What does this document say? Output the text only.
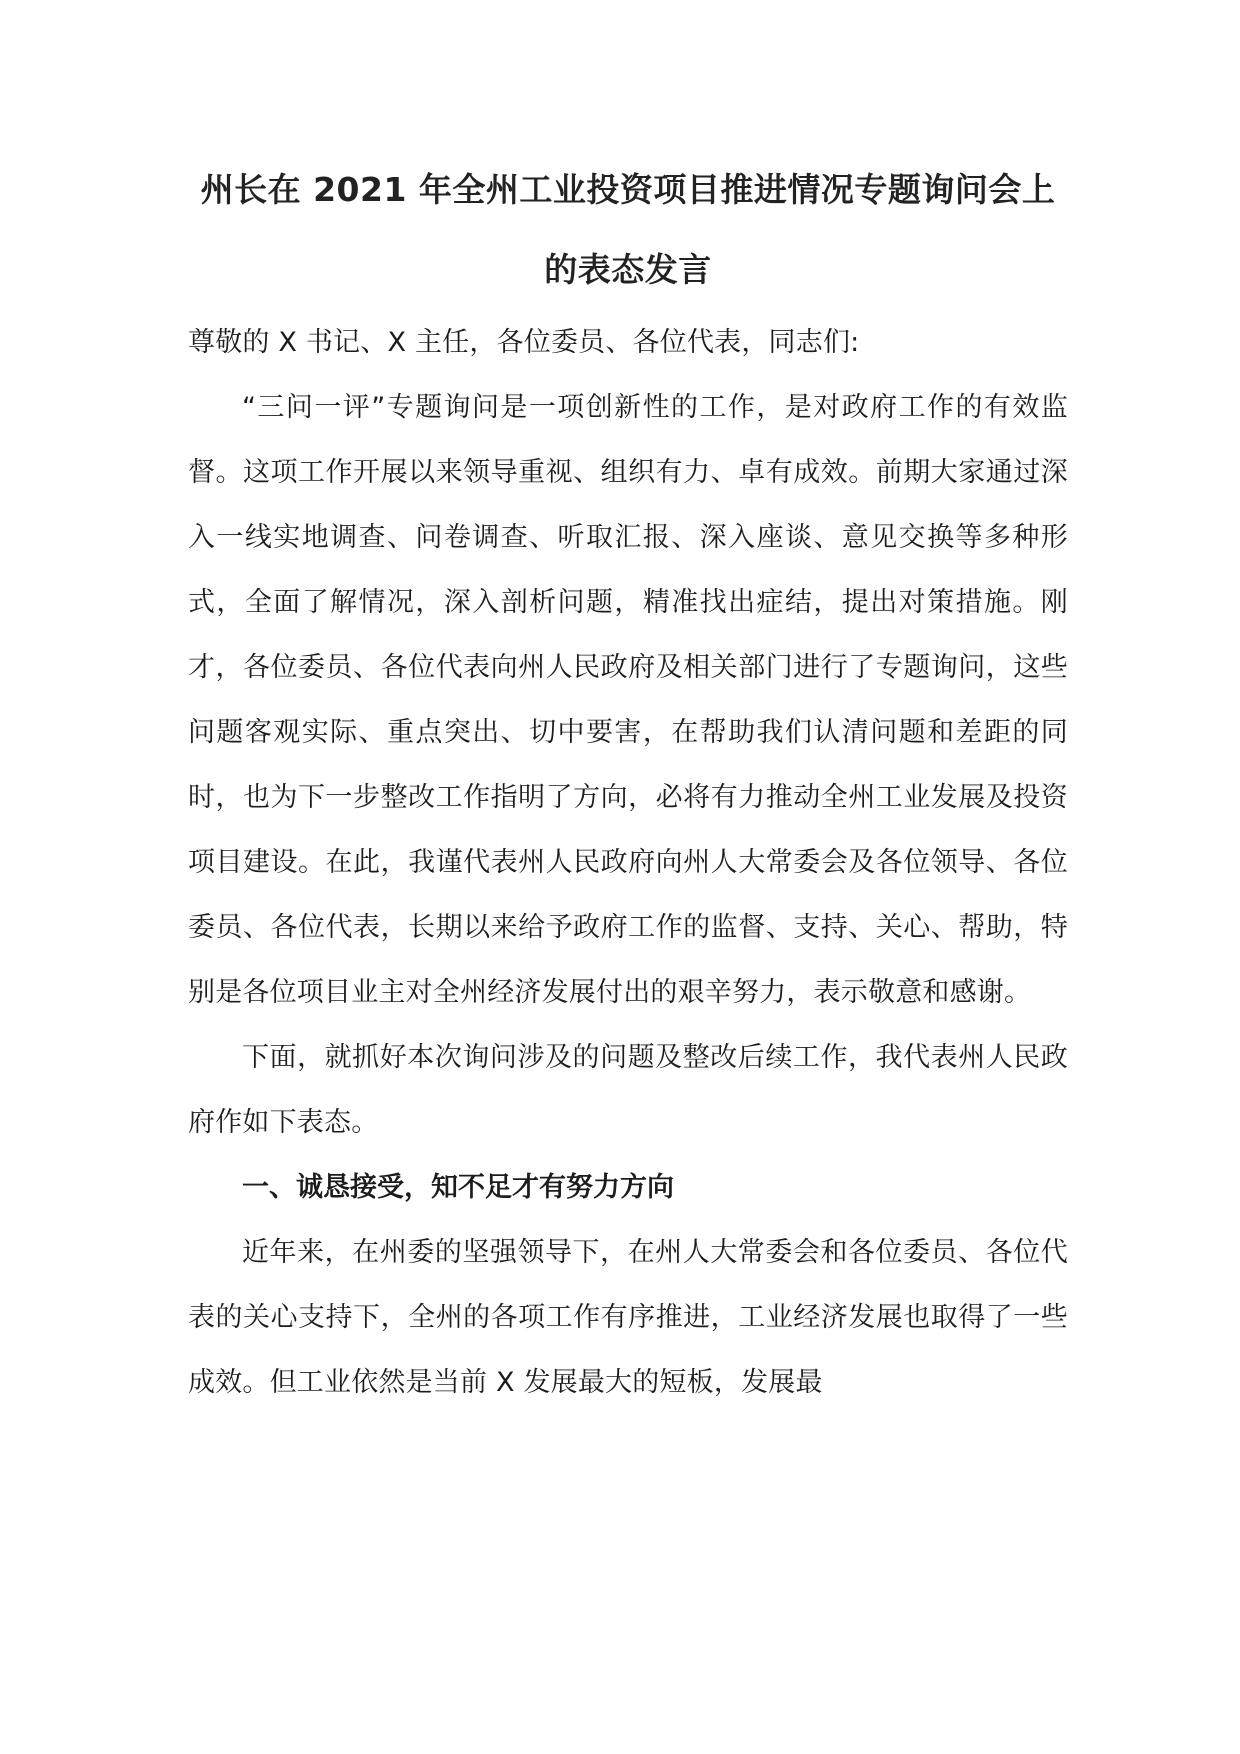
州长在 2021 年全州工业投资项目推进情况专题询问会上
的表态发言

尊敬的 X 书记、X 主任，各位委员、各位代表，同志们:

“三问一评”专题询问是一项创新性的工作，是对政府工作的有效监督。这项工作开展以来领导重视、组织有力、卓有成效。前期大家通过深入一线实地调查、问卷调查、听取汇报、深入座谈、意见交换等多种形式，全面了解情况，深入剖析问题，精准找出症结，提出对策措施。刚才，各位委员、各位代表向州人民政府及相关部门进行了专题询问，这些问题客观实际、重点突出、切中要害，在帮助我们认清问题和差距的同时，也为下一步整改工作指明了方向，必将有力推动全州工业发展及投资项目建设。在此，我谨代表州人民政府向州人大常委会及各位领导、各位委员、各位代表，长期以来给予政府工作的监督、支持、关心、帮助，特别是各位项目业主对全州经济发展付出的艰辛努力，表示敬意和感谢。

下面，就抓好本次询问涉及的问题及整改后续工作，我代表州人民政府作如下表态。

一、诚恳接受，知不足才有努力方向

近年来，在州委的坚强领导下，在州人大常委会和各位委员、各位代表的关心支持下，全州的各项工作有序推进，工业经济发展也取得了一些成效。但工业依然是当前 X 发展最大的短板，发展最
